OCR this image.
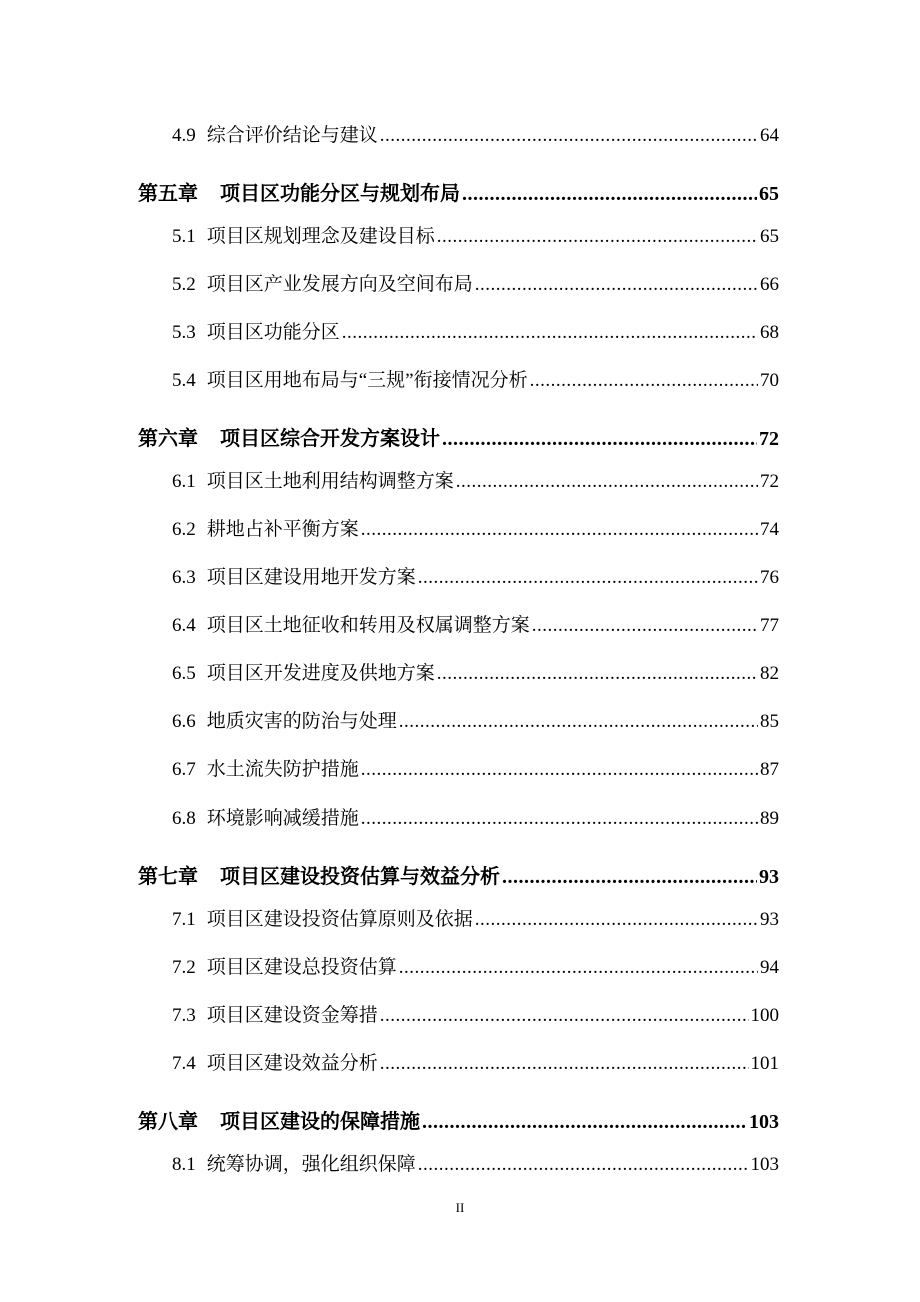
4.9 综合评价结论与建议 .....	64
第五章 项目区功能分区与规划布局 .....	65
5.1 项目区规划理念及建设目标 .....	65
5.2 项目区产业发展方向及空间布局 .....	66
5.3 项目区功能分区 .....	68
5.4 项目区用地布局与“三规”衔接情况分析 .....	70
第六章 项目区综合开发方案设计 .....	72
6.1 项目区土地利用结构调整方案 .....	72
6.2 耕地占补平衡方案 .....	74
6.3 项目区建设用地开发方案 .....	76
6.4 项目区土地征收和转用及权属调整方案 .....	77
6.5 项目区开发进度及供地方案 .....	82
6.6 地质灾害的防治与处理 .....	85
6.7 水土流失防护措施 .....	87
6.8 环境影响减缓措施 .....	89
第七章 项目区建设投资估算与效益分析 .....	93
7.1 项目区建设投资估算原则及依据 .....	93
7.2 项目区建设总投资估算 .....	94
7.3 项目区建设资金筹措 .....	100
7.4 项目区建设效益分析 .....	101
第八章 项目区建设的保障措施 .....	103
8.1 统筹协调，强化组织保障 .....	103
II
